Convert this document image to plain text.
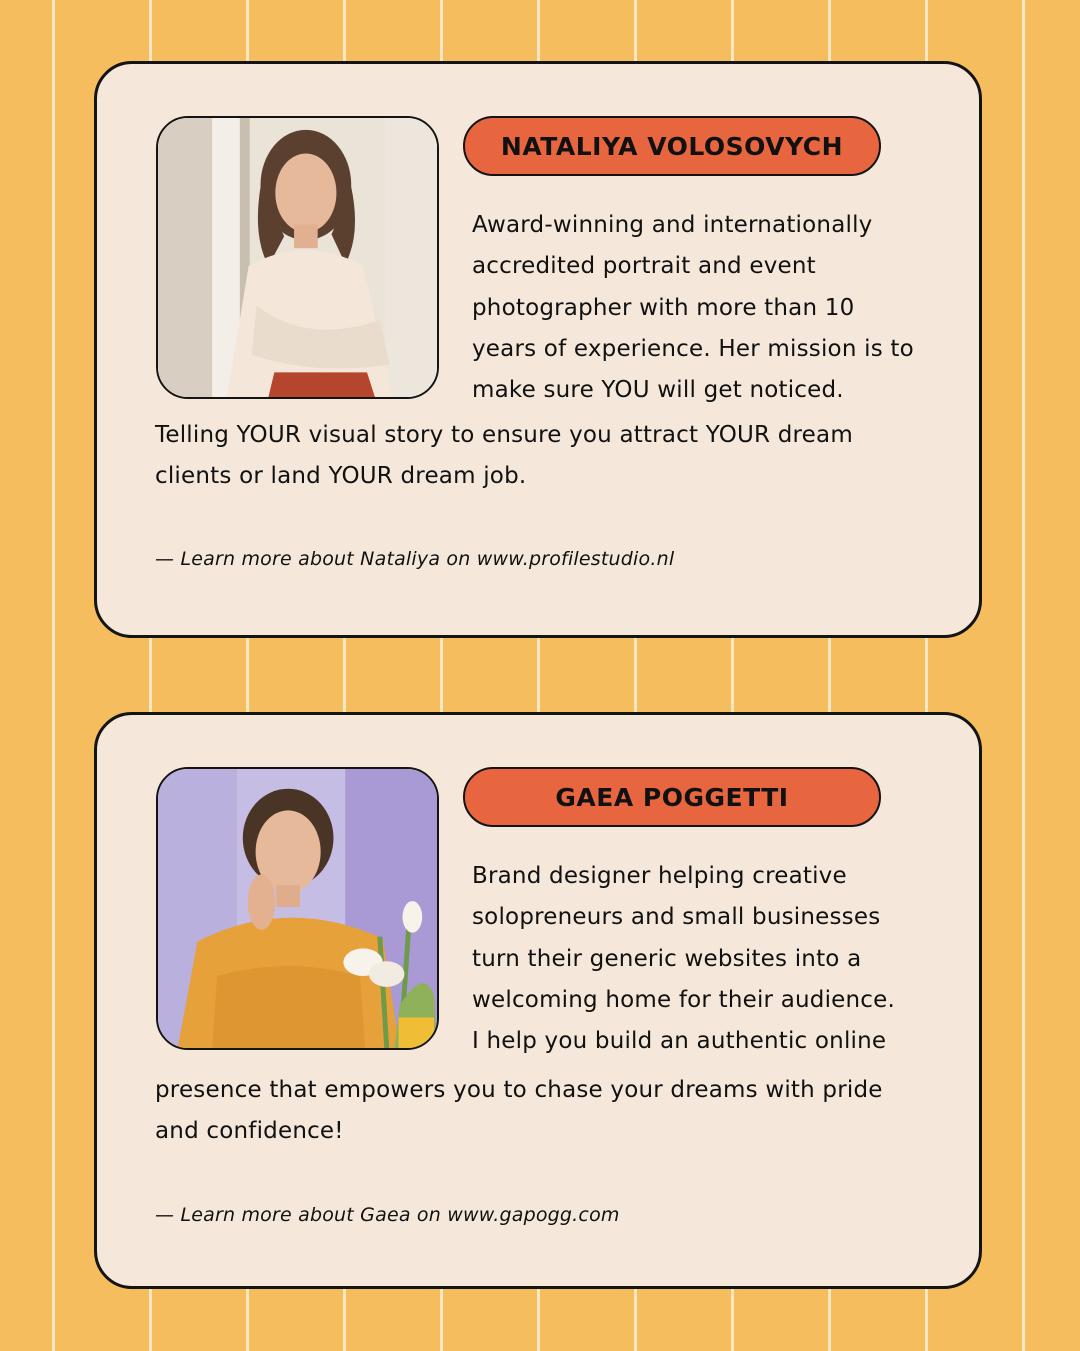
NATALIYA VOLOSOVYCH

Award-winning and internationally
accredited portrait and event
photographer with more than 10
years of experience. Her mission is to
make sure YOU will get noticed.

Telling YOUR visual story to ensure you attract YOUR dream
clients or land YOUR dream job.

— Learn more about Nataliya on www.profilestudio.nl
GAEA POGGETTI

Brand designer helping creative
solopreneurs and small businesses
turn their generic websites into a
welcoming home for their audience.
I help you build an authentic online

presence that empowers you to chase your dreams with pride
and confidence!

— Learn more about Gaea on www.gapogg.com
